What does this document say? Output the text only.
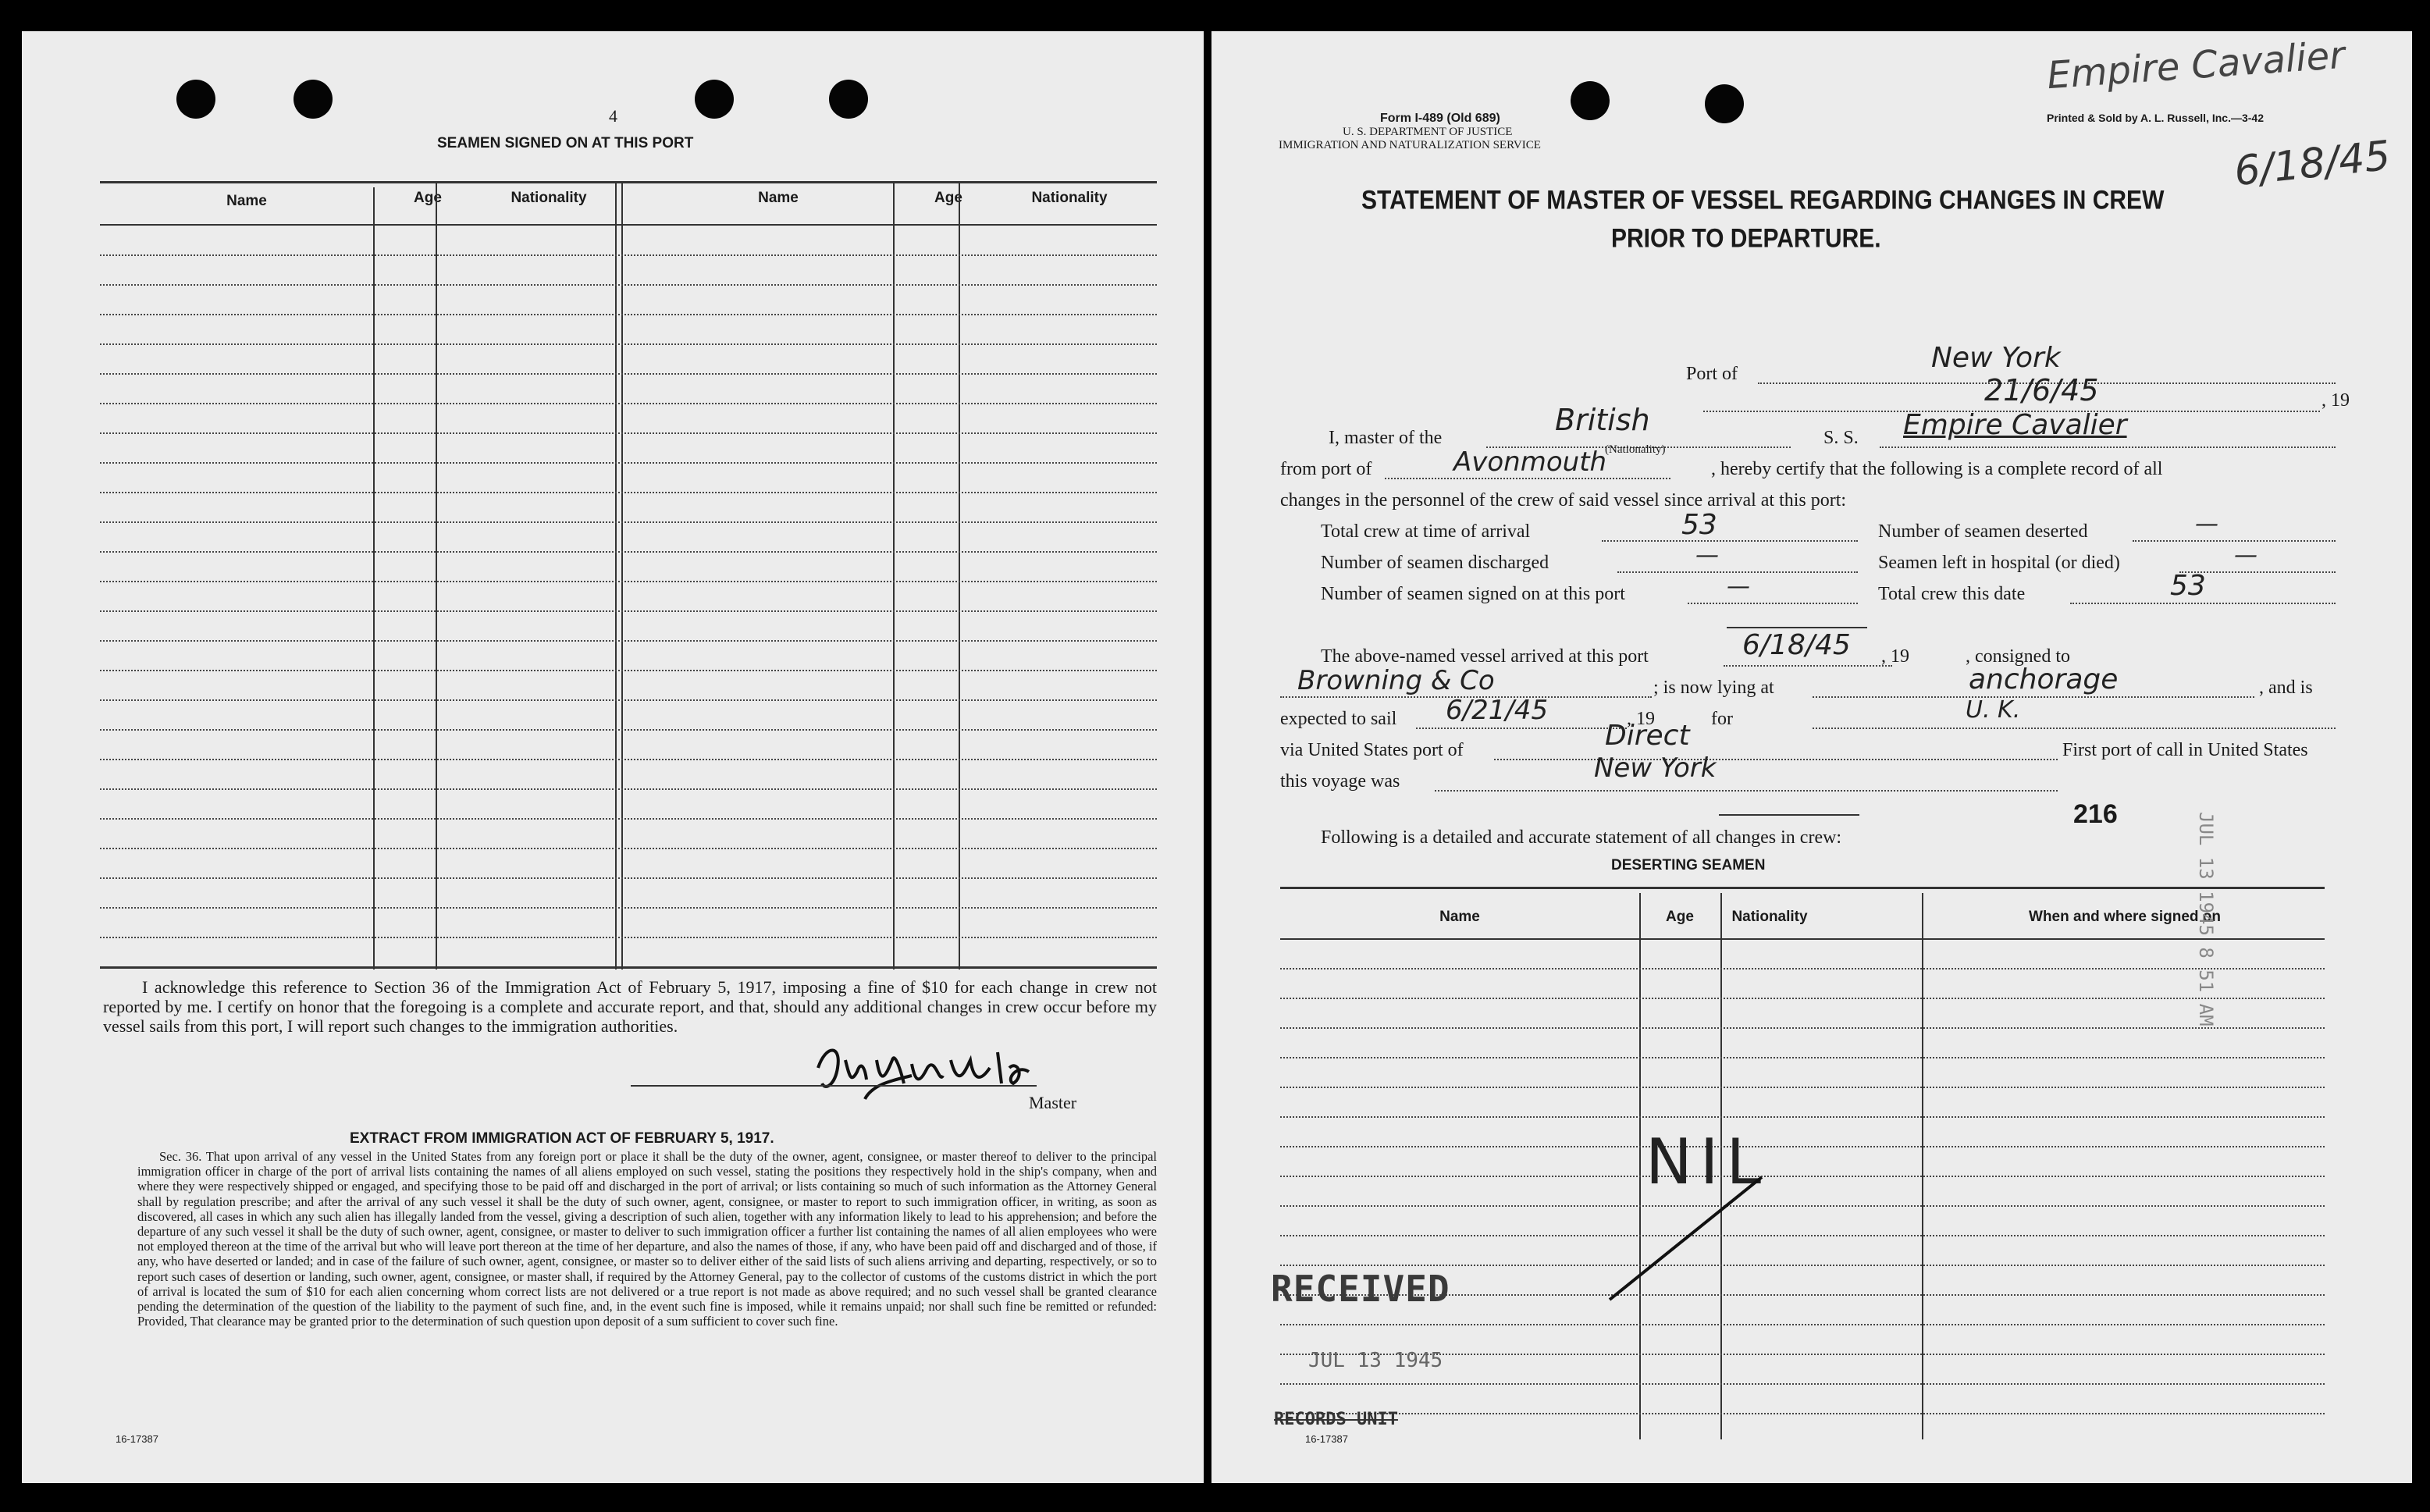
4
SEAMEN SIGNED ON AT THIS PORT
Name	Age	Nationality	Name	Age	Nationality
I acknowledge this reference to Section 36 of the Immigration Act of February 5, 1917, imposing a fine of $10 for each change in crew not reported by me. I certify on honor that the foregoing is a complete and accurate report, and that, should any additional changes in crew occur before my vessel sails from this port, I will report such changes to the immigration authorities.
Master
EXTRACT FROM IMMIGRATION ACT OF FEBRUARY 5, 1917.
Sec. 36. That upon arrival of any vessel in the United States from any foreign port or place it shall be the duty of the owner, agent, consignee, or master thereof to deliver to the principal immigration officer in charge of the port of arrival lists containing the names of all aliens employed on such vessel, stating the positions they respectively hold in the ship's company, when and where they were respectively shipped or engaged, and specifying those to be paid off and discharged in the port of arrival; or lists containing so much of such information as the Attorney General shall by regulation prescribe; and after the arrival of any such vessel it shall be the duty of such owner, agent, consignee, or master to report to such immigration officer, in writing, as soon as discovered, all cases in which any such alien has illegally landed from the vessel, giving a description of such alien, together with any information likely to lead to his apprehension; and before the departure of any such vessel it shall be the duty of such owner, agent, consignee, or master to deliver to such immigration officer a further list containing the names of all alien employees who were not employed thereon at the time of the arrival but who will leave port thereon at the time of her departure, and also the names of those, if any, who have been paid off and discharged and of those, if any, who have deserted or landed; and in case of the failure of such owner, agent, consignee, or master so to deliver either of the said lists of such aliens arriving and departing, respectively, or so to report such cases of desertion or landing, such owner, agent, consignee, or master shall, if required by the Attorney General, pay to the collector of customs of the customs district in which the port of arrival is located the sum of $10 for each alien concerning whom correct lists are not delivered or a true report is not made as above required; and no such vessel shall be granted clearance pending the determination of the question of the liability to the payment of such fine, and, in the event such fine is imposed, while it remains unpaid; nor shall such fine be remitted or refunded: Provided, That clearance may be granted prior to the determination of such question upon deposit of a sum sufficient to cover such fine.
16-17387
Form I-489 (Old 689)
U. S. DEPARTMENT OF JUSTICE
IMMIGRATION AND NATURALIZATION SERVICE
Printed & Sold by A. L. Russell, Inc.—3-42
Empire Cavalier
6/18/45
STATEMENT OF MASTER OF VESSEL REGARDING CHANGES IN CREW
PRIOR TO DEPARTURE.
Port of	New York
21/6/45	, 19
I, master of the
British
(Nationality)
S. S. Empire Cavalier
from port of	Avonmouth	, hereby certify that the following is a complete record of all
changes in the personnel of the crew of said vessel since arrival at this port:
Total crew at time of arrival	53	Number of seamen deserted	—
Number of seamen discharged	—	Seamen left in hospital (or died)	—
Number of seamen signed on at this port	—	Total crew this date	53
The above-named vessel arrived at this port	6/18/45 , 19            , consigned to
Browning & Co	; is now lying at	anchorage	, and is
expected to sail 6/21/45	, 19            for	U. K.
via United States port of	Direct	First port of call in United States
this voyage was	New York
216
Following is a detailed and accurate statement of all changes in crew:
DESERTING SEAMEN
Name	Age	Nationality	When and where signed on
NIL
RECEIVED
JUL 13 1945
RECORDS UNIT
JUL 13 1945 8 51 AM
16-17387
